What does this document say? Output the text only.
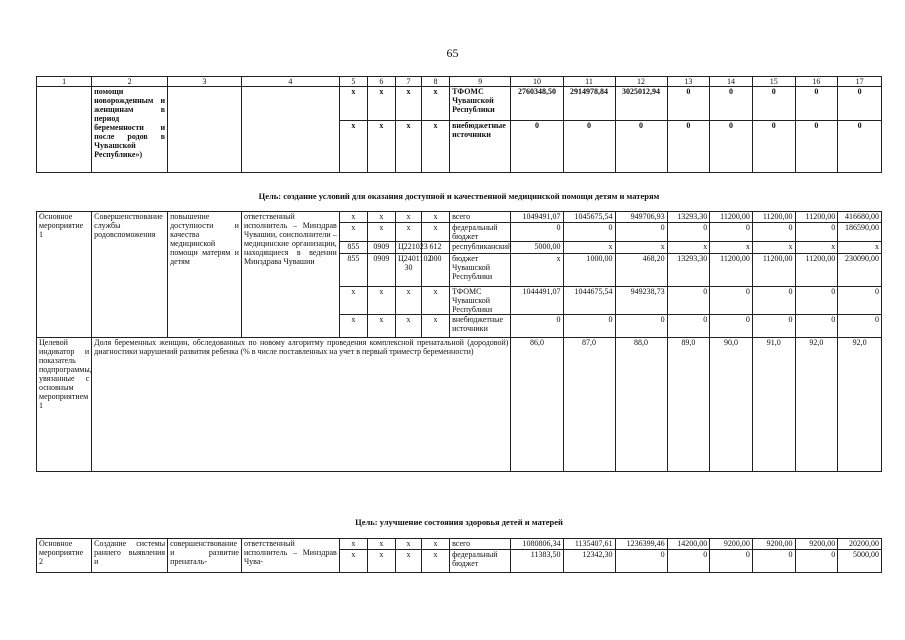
65
1	2	3	4	5	6	7	8	9	10	11	12	13	14	15	16	17
	помощи новорожденным и женщинам в период беременности и после родов в Чувашской Республике»)			х	х	х	х	ТФОМС Чувашской Республики	2760348,50	2914978,84	3025012,94	0	0	0	0	0
				х	х	х	х	внебюджетные источники	0	0	0	0	0	0	0	0
Цель: создание условий для оказания доступной и качественной медицинской помощи детям и матерям
Основное мероприятие 1	Совершенствование службы родовспоможения	повышение доступности и качества медицинской помощи матерям и детям	ответственный исполнитель – Минздрав Чувашии, соисполнители – медицинские организации, находящиеся в ведении Минздрава Чувашии	х	х	х	х	всего	1049491,07	1045675,54	949706,93	13293,30	11200,00	11200,00	11200,00	416680,00
				х	х	х	х	федеральный бюджет	0	0	0	0	0	0	0	186590,00
				855	0909	Ц221023	612	республиканский	5000,00	х	х	х	х	х	х	х
				855	0909	Ц2401102 30	000	бюджет Чувашской Республики	х	1000,00	468,20	13293,30	11200,00	11200,00	11200,00	230090,00
				х	х	х	х	ТФОМС Чувашской Республики	1044491,07	1044675,54	949238,73	0	0	0	0	0
				х	х	х	х	внебюджетные источники	0	0	0	0	0	0	0	0
Целевой индикатор и показатель подпрограммы, увязанные с основным мероприятием 1	Доля беременных женщин, обследованных по новому алгоритму проведения комплексной пренатальной (дородовой) диагностики нарушений развития ребенка (% в числе поставленных на учет в первый триместр беременности)								86,0	87,0	88,0	89,0	90,0	91,0	92,0	92,0
Цель: улучшение состояния здоровья детей и матерей
Основное мероприятие 2	Создание системы раннего выявления и	совершенствование и развитие пренаталь-	ответственный исполнитель – Минздрав Чува-	х	х	х	х	всего	1080806,34	1135407,61	1236399,46	14200,00	9200,00	9200,00	9200,00	20200,00
				х	х	х	х	федеральный бюджет	11383,50	12342,30	0	0	0	0	0	5000,00
